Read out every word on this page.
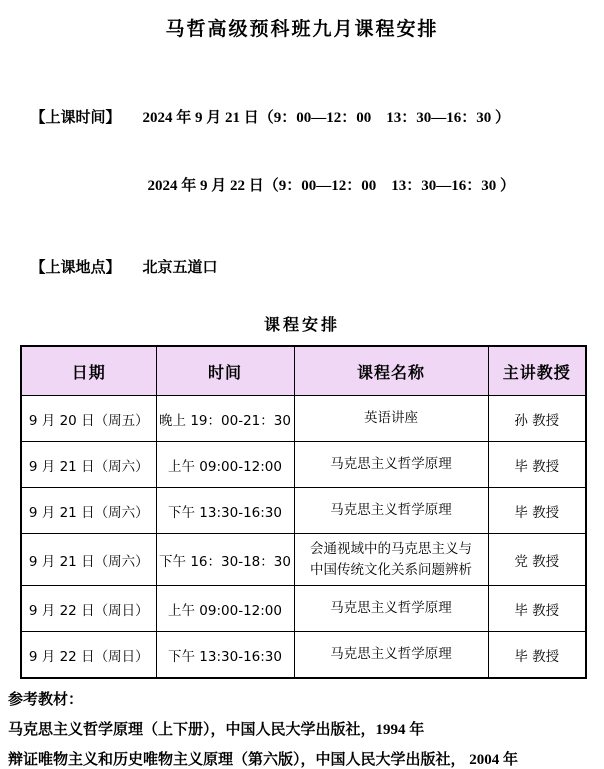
马哲高级预科班九月课程安排

【上课时间】 2024 年 9 月 21 日（9：00—12：00　13：30—16：30 ）

2024 年 9 月 22 日（9：00—12：00　13：30—16：30 ）

【上课地点】 北京五道口

课程安排
日期	时间	课程名称	主讲教授
9 月 20 日（周五）	晚上 19：00-21：30	英语讲座	孙 教授
9 月 21 日（周六）	上午 09:00-12:00	马克思主义哲学原理	毕 教授
9 月 21 日（周六）	下午 13:30-16:30	马克思主义哲学原理	毕 教授
9 月 21 日（周六）	下午 16：30-18：30	会通视域中的马克思主义与中国传统文化关系问题辨析	党 教授
9 月 22 日（周日）	上午 09:00-12:00	马克思主义哲学原理	毕 教授
9 月 22 日（周日）	下午 13:30-16:30	马克思主义哲学原理	毕 教授

参考教材：

马克思主义哲学原理（上下册），中国人民大学出版社，1994 年

辩证唯物主义和历史唯物主义原理（第六版），中国人民大学出版社， 2004 年
